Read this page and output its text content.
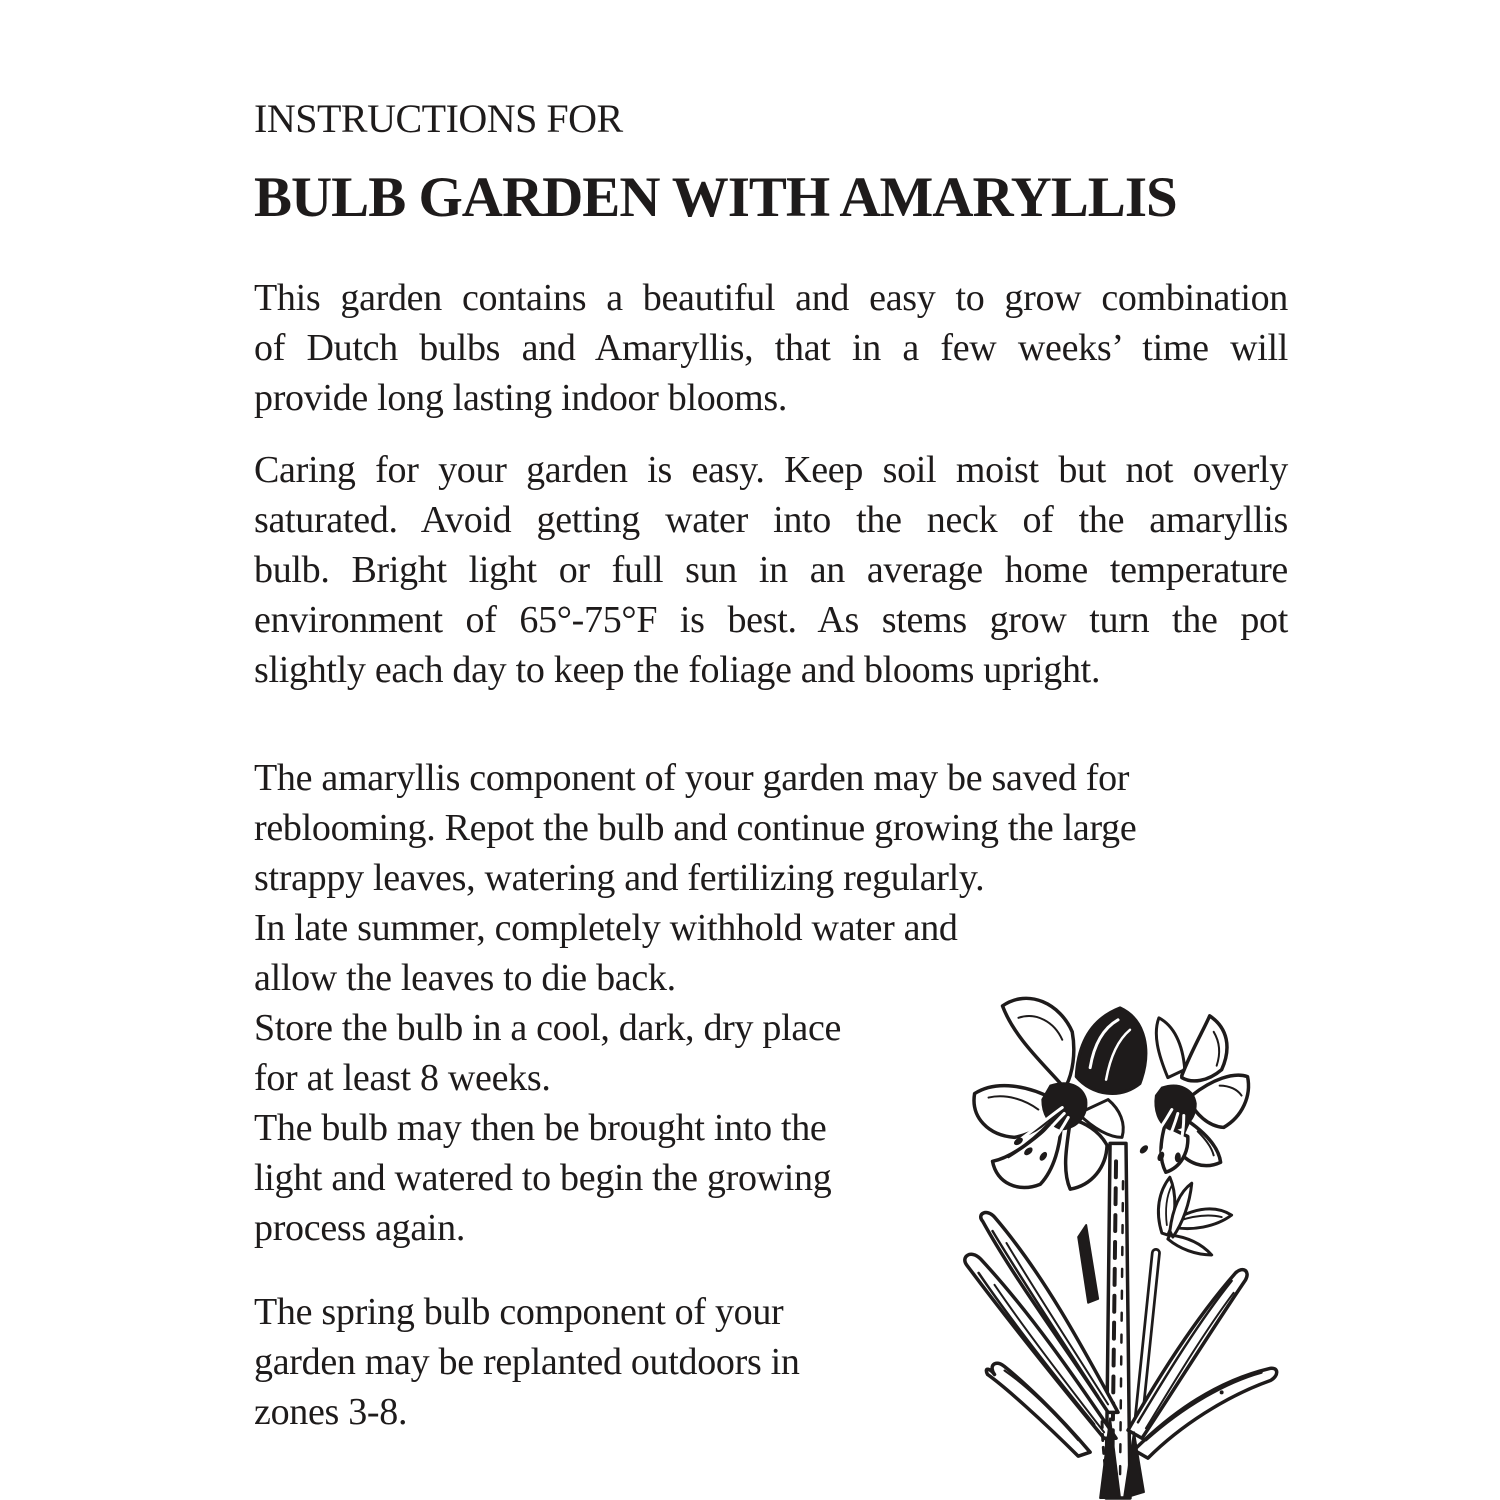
INSTRUCTIONS FOR
BULB GARDEN WITH AMARYLLIS
This garden contains a beautiful and easy to grow combination
of Dutch bulbs and Amaryllis, that in a few weeks’ time will
provide long lasting indoor blooms.
Caring for your garden is easy. Keep soil moist but not overly
saturated. Avoid getting water into the neck of the amaryllis
bulb. Bright light or full sun in an average home temperature
environment of 65°-75°F is best. As stems grow turn the pot
slightly each day to keep the foliage and blooms upright.
The amaryllis component of your garden may be saved for
reblooming. Repot the bulb and continue growing the large
strappy leaves, watering and fertilizing regularly.
In late summer, completely withhold water and
allow the leaves to die back.
Store the bulb in a cool, dark, dry place
for at least 8 weeks.
The bulb may then be brought into the
light and watered to begin the growing
process again.
The spring bulb component of your
garden may be replanted outdoors in
zones 3-8.
